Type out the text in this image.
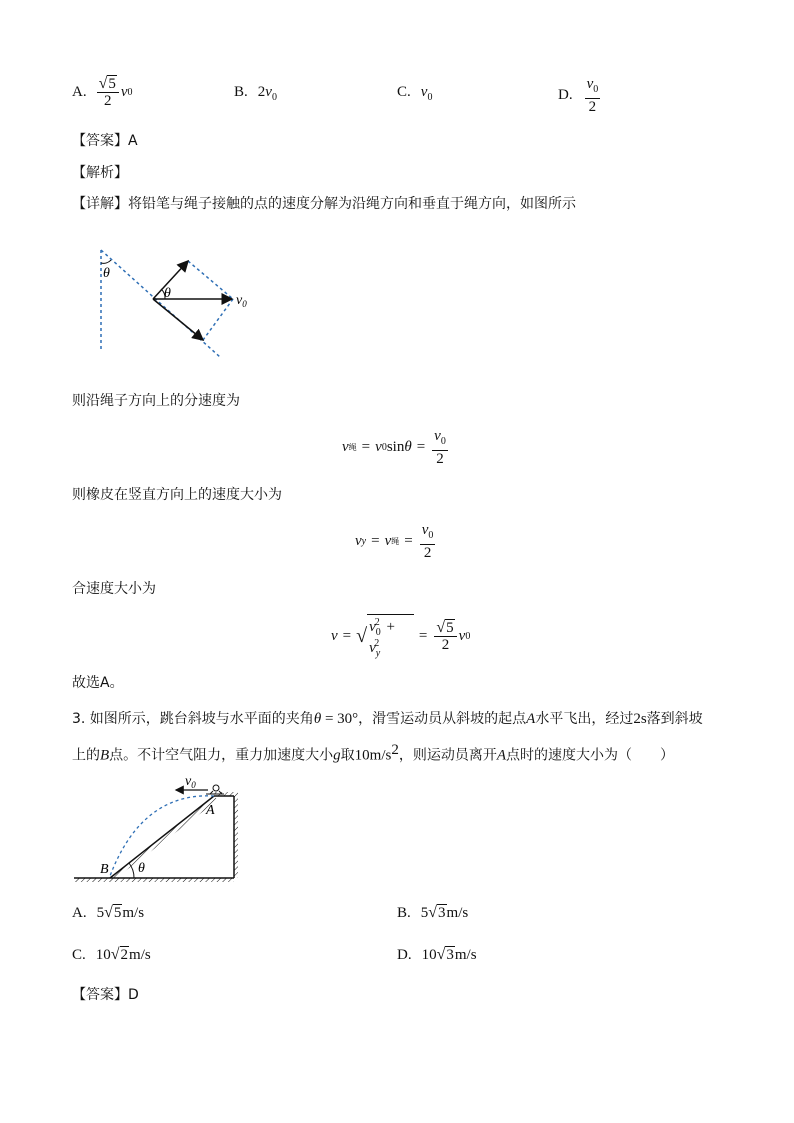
A. $\frac{√5}{2}$ v 0	B. $2v_0$	C. $v_0$	D. $\frac{v_0}{2}$
【答案】A
【解析】
【详解】将铅笔与绳子接触的点的速度分解为沿绳方向和垂直于绳方向，如图所示
θ
θ	$v_0$
则沿绳子方向上的分速度为
v 绳 = v 0 $\sin \theta = \frac{v_0}{2}$
则橡皮在竖直方向上的速度大小为
v y = v 绳 = $\frac{v_0}{2}$
合速度大小为
v = √ $v_0^2 + v_y^2$	= $\frac{√5}{2}$ v 0
故选A。
3. 如图所示，跳台斜坡与水平面的夹角θ = 30°，滑雪运动员从斜坡的起点A水平飞出，经过2s落到斜坡
上的B点。不计空气阻力，重力加速度大小g取$10m/s^2$，则运动员离开A点时的速度大小为（　　）
$v_0$
θ
A
B
A. 5√5m/s	B. 5√3m/s
C. 10√2m/s	D. 10√3m/s
【答案】D
